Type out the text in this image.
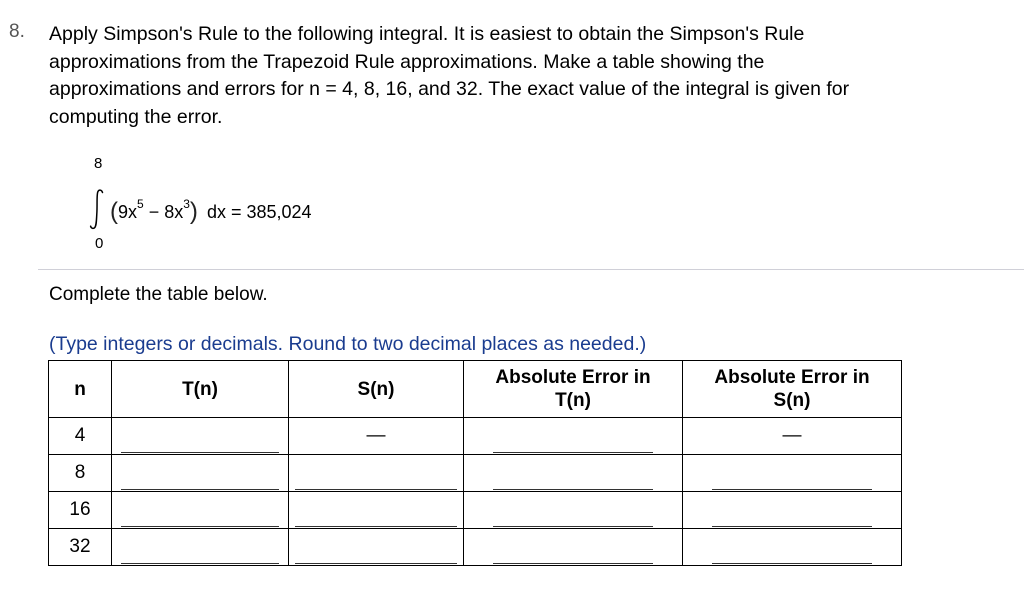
8. Apply Simpson's Rule to the following integral. It is easiest to obtain the Simpson's Rule
approximations from the Trapezoid Rule approximations. Make a table showing the
approximations and errors for n = 4, 8, 16, and 32. The exact value of the integral is given for
computing the error.
8
$(9x^5 - 8x^3)$ dx = 385,024
0
Complete the table below.
(Type integers or decimals. Round to two decimal places as needed.)
n	T(n)	S(n)	Absolute Error in
T(n)	Absolute Error in
S(n)
4		—		—
8				
16				
32				
